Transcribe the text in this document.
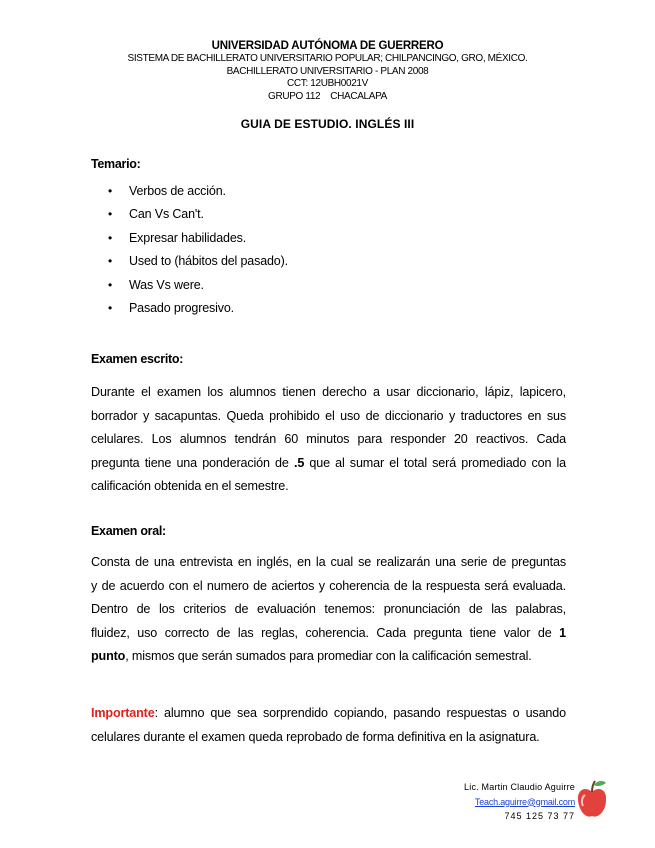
UNIVERSIDAD AUTÓNOMA DE GUERRERO
SISTEMA DE BACHILLERATO UNIVERSITARIO POPULAR; CHILPANCINGO, GRO, MÉXICO.
BACHILLERATO UNIVERSITARIO - PLAN 2008
CCT: 12UBH0021V
GRUPO 112 CHACALAPA
GUIA DE ESTUDIO. INGLÉS III
Temario:
• Verbos de acción.
• Can Vs Can't.
• Expresar habilidades.
• Used to (hábitos del pasado).
• Was Vs were.
• Pasado progresivo.
Examen escrito:
Durante el examen los alumnos tienen derecho a usar diccionario, lápiz, lapicero,
borrador y sacapuntas. Queda prohibido el uso de diccionario y traductores en sus
celulares. Los alumnos tendrán 60 minutos para responder 20 reactivos. Cada
pregunta tiene una ponderación de .5 que al sumar el total será promediado con la
calificación obtenida en el semestre.
Examen oral:
Consta de una entrevista en inglés, en la cual se realizarán una serie de preguntas
y de acuerdo con el numero de aciertos y coherencia de la respuesta será evaluada.
Dentro de los criterios de evaluación tenemos: pronunciación de las palabras,
fluidez, uso correcto de las reglas, coherencia. Cada pregunta tiene valor de 1
punto, mismos que serán sumados para promediar con la calificación semestral.
Importante: alumno que sea sorprendido copiando, pasando respuestas o usando
celulares durante el examen queda reprobado de forma definitiva en la asignatura.
Lic. Martin Claudio Aguirre
Teach.aguirre@gmail.com
745 125 73 77
